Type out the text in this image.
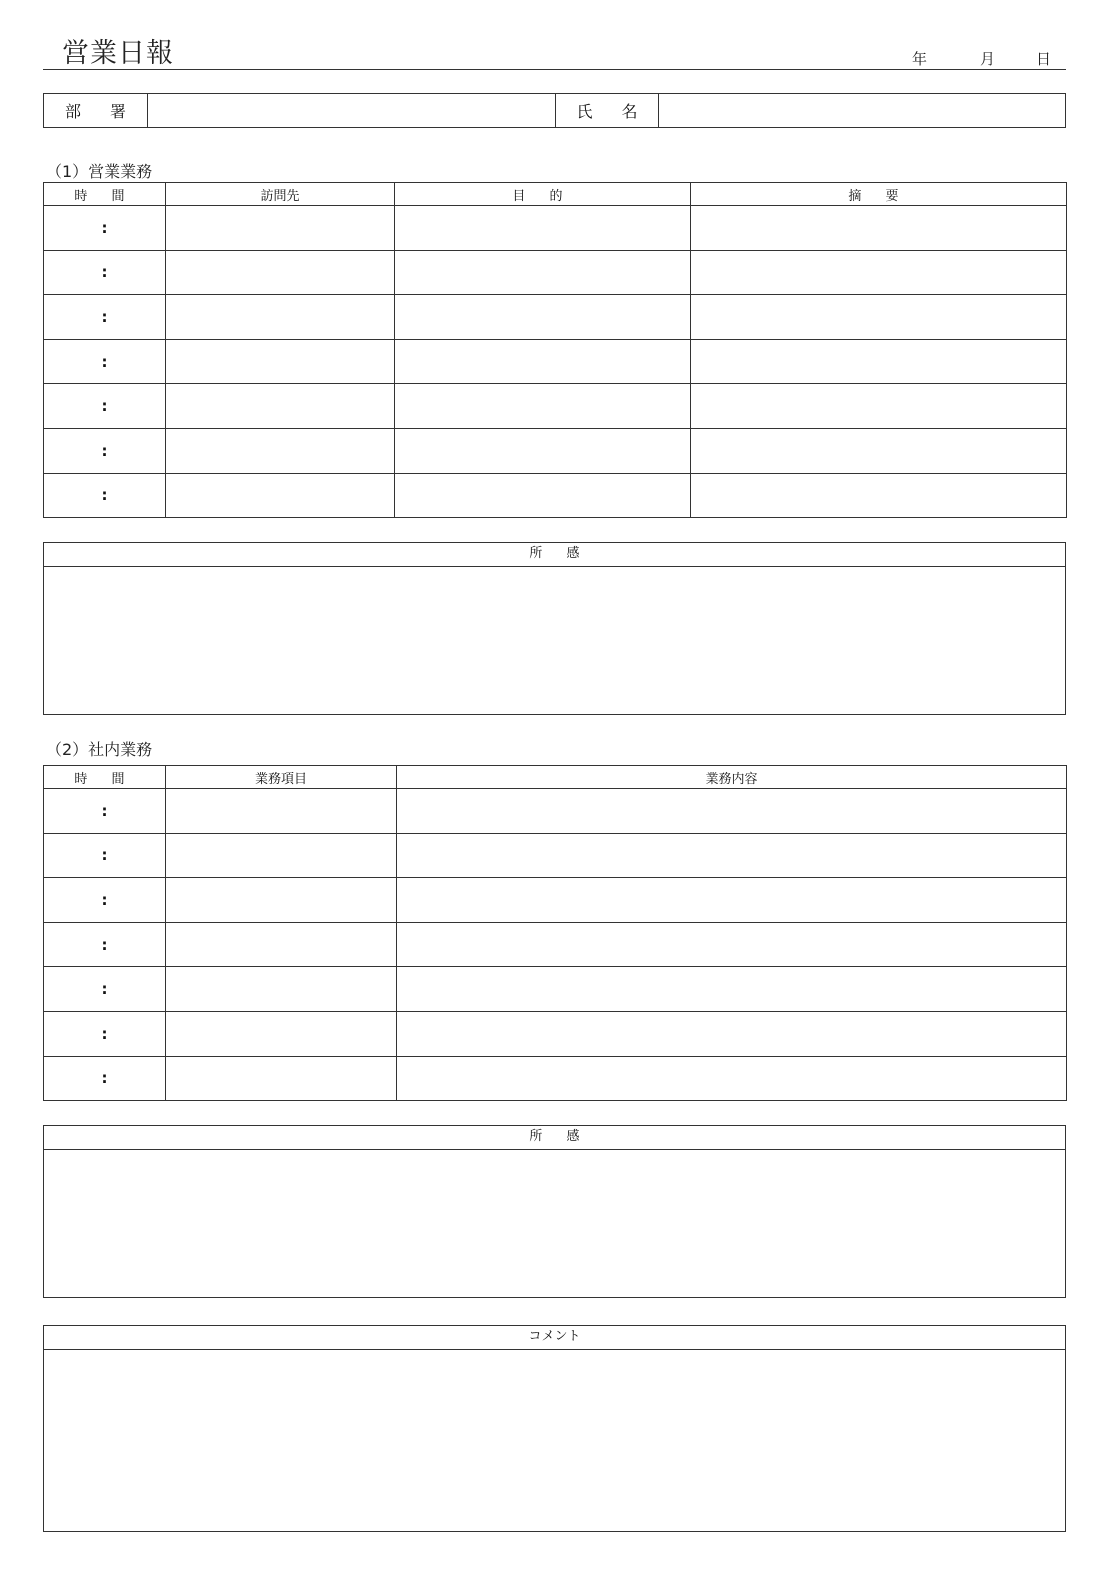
営業日報	年	月	日
部 署	氏 名
（1）営業業務
時 間	訪問先	目 的	摘 要
:			
:			
:			
:			
:			
:			
:			
所 感
（2）社内業務
時 間	業務項目	業務内容
:		
:		
:		
:		
:		
:		
:		
所 感
コメント
